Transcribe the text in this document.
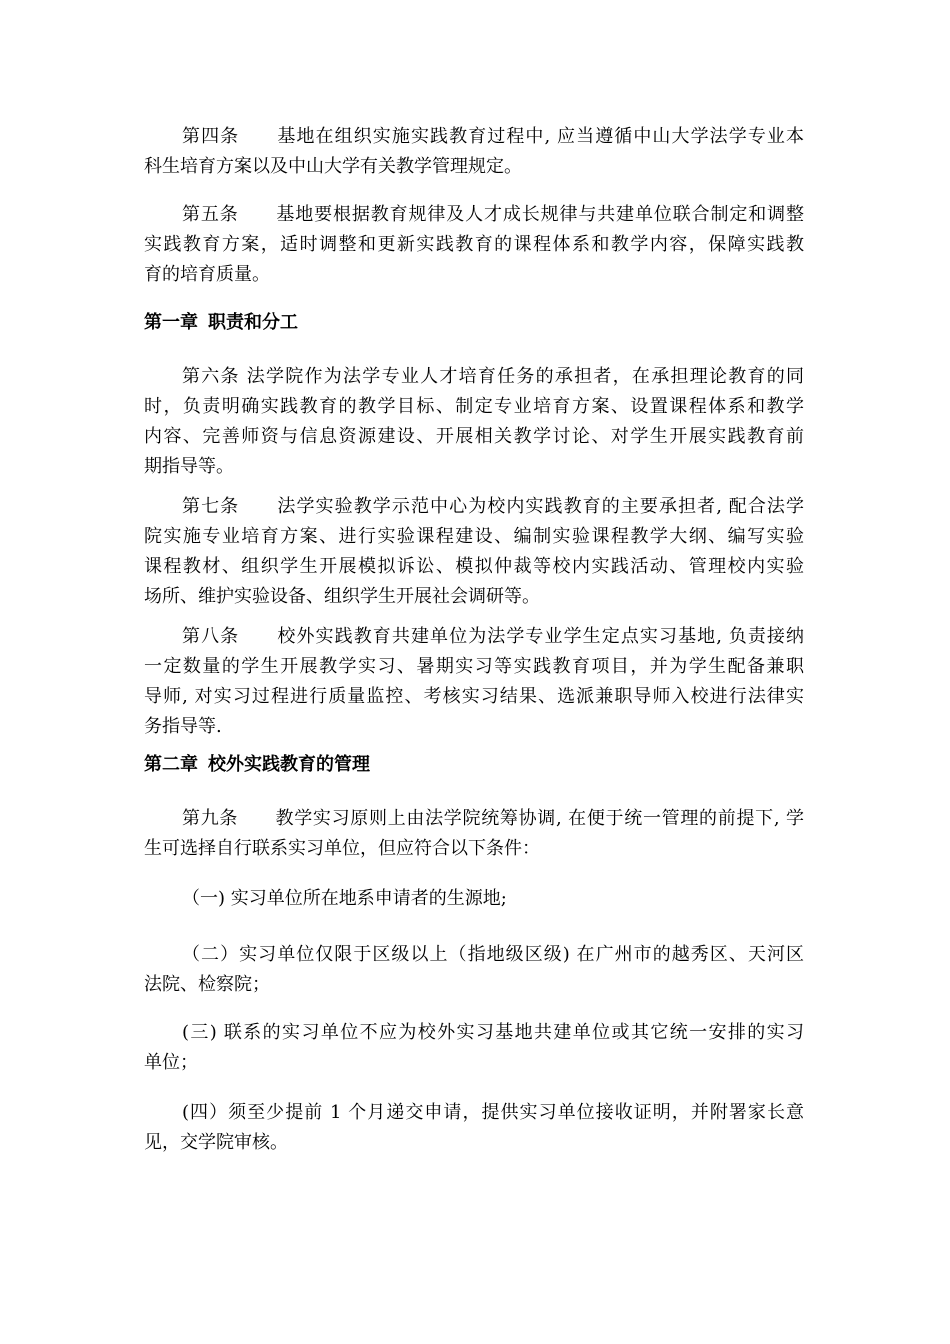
第四条　　基地在组织实施实践教育过程中, 应当遵循中山大学法学专业本
科生培育方案以及中山大学有关教学管理规定。
第五条　　基地要根据教育规律及人才成长规律与共建单位联合制定和调整
实践教育方案，适时调整和更新实践教育的课程体系和教学内容，保障实践教
育的培育质量。
第一章 职责和分工
第六条 法学院作为法学专业人才培育任务的承担者，在承担理论教育的同
时，负责明确实践教育的教学目标、制定专业培育方案、设置课程体系和教学
内容、完善师资与信息资源建设、开展相关教学讨论、对学生开展实践教育前
期指导等。
第七条　　法学实验教学示范中心为校内实践教育的主要承担者, 配合法学
院实施专业培育方案、进行实验课程建设、编制实验课程教学大纲、编写实验
课程教材、组织学生开展模拟诉讼、模拟仲裁等校内实践活动、管理校内实验
场所、维护实验设备、组织学生开展社会调研等。
第八条　　校外实践教育共建单位为法学专业学生定点实习基地, 负责接纳
一定数量的学生开展教学实习、暑期实习等实践教育项目，并为学生配备兼职
导师, 对实习过程进行质量监控、考核实习结果、选派兼职导师入校进行法律实
务指导等.
第二章 校外实践教育的管理
第九条　　教学实习原则上由法学院统筹协调, 在便于统一管理的前提下, 学
生可选择自行联系实习单位，但应符合以下条件：
（一) 实习单位所在地系申请者的生源地;
（二）实习单位仅限于区级以上（指地级区级) 在广州市的越秀区、天河区
法院、检察院；
(三) 联系的实习单位不应为校外实习基地共建单位或其它统一安排的实习
单位；
(四）须至少提前 1 个月递交申请，提供实习单位接收证明，并附署家长意
见，交学院审核。
